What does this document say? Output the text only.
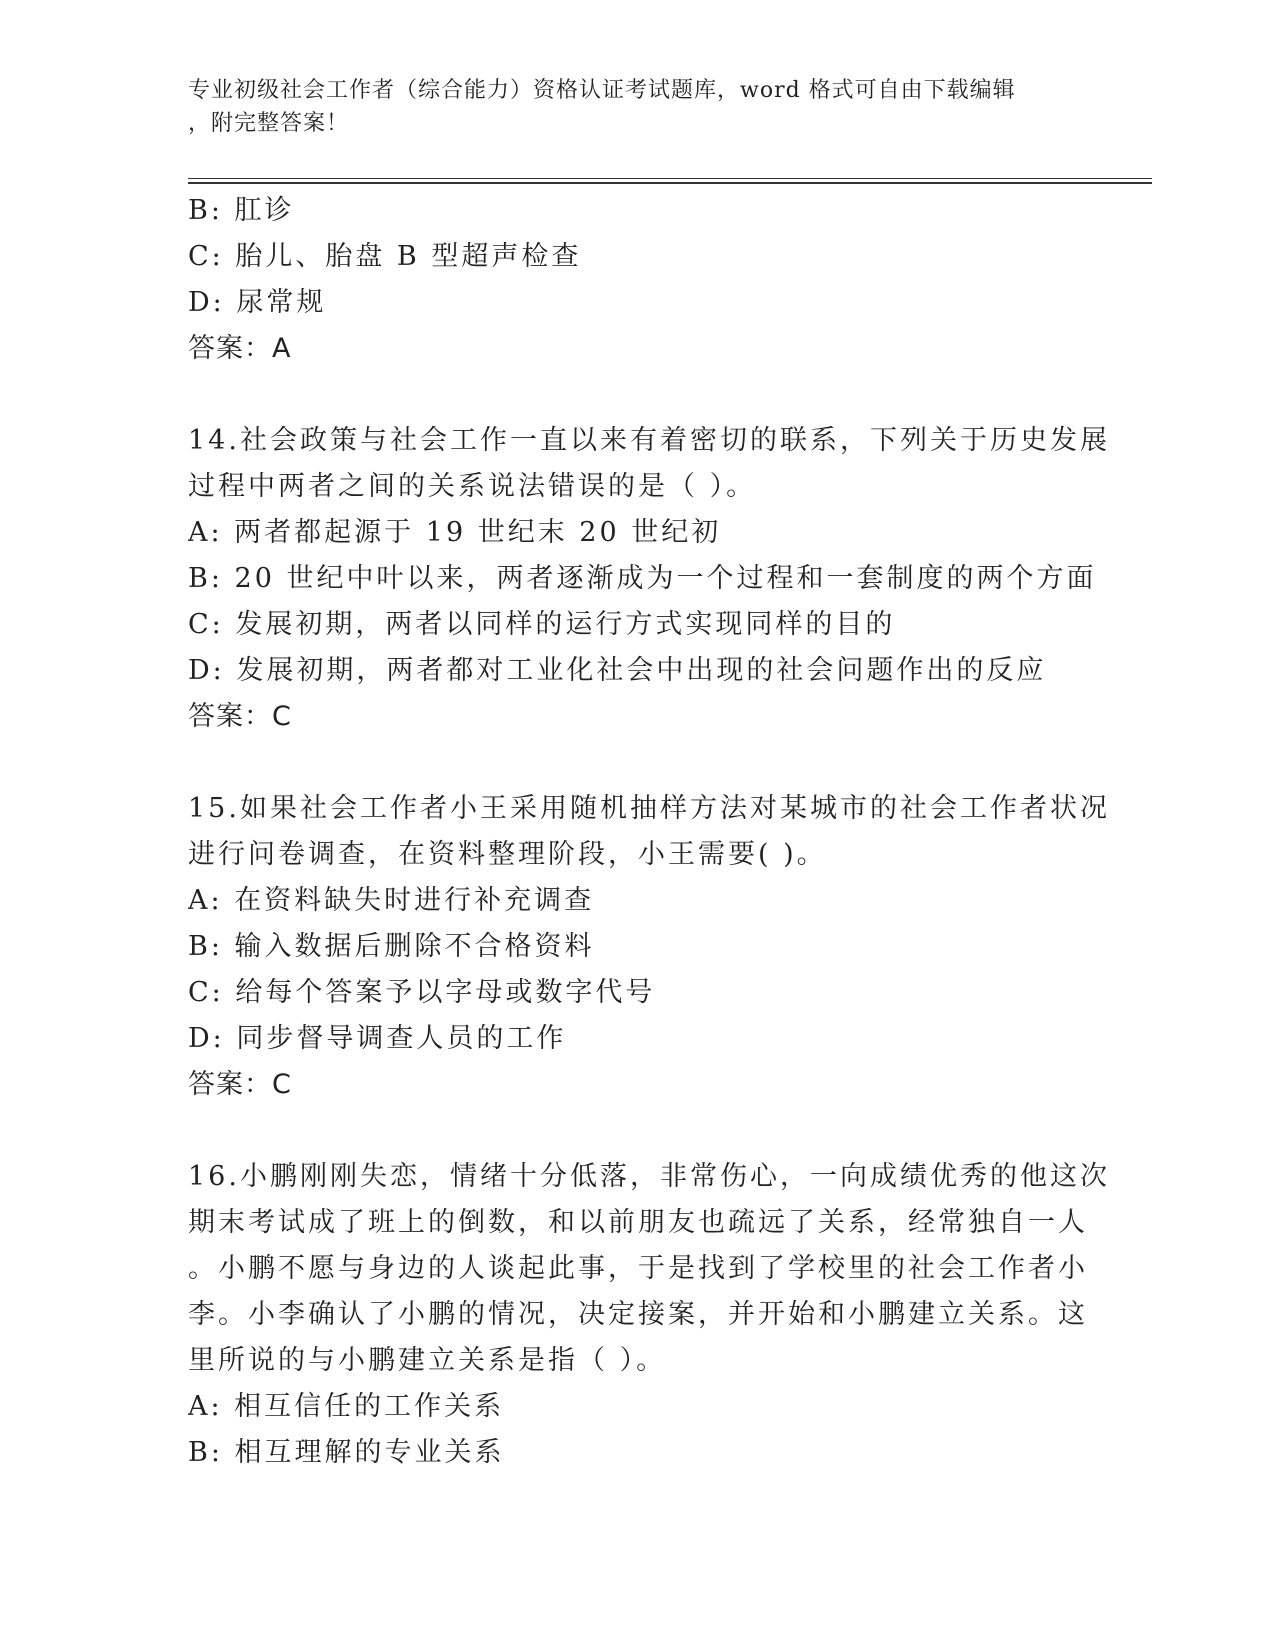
专业初级社会工作者（综合能力）资格认证考试题库，word 格式可自由下载编辑
，附完整答案！
B: 肛诊
C: 胎儿、胎盘 B 型超声检查
D: 尿常规
答案：A
14.社会政策与社会工作一直以来有着密切的联系，下列关于历史发展
过程中两者之间的关系说法错误的是（ ）。
A: 两者都起源于 19 世纪末 20 世纪初
B: 20 世纪中叶以来，两者逐渐成为一个过程和一套制度的两个方面
C: 发展初期，两者以同样的运行方式实现同样的目的
D: 发展初期，两者都对工业化社会中出现的社会问题作出的反应
答案：C
15.如果社会工作者小王采用随机抽样方法对某城市的社会工作者状况
进行问卷调查，在资料整理阶段，小王需要( )。
A: 在资料缺失时进行补充调查
B: 输入数据后删除不合格资料
C: 给每个答案予以字母或数字代号
D: 同步督导调查人员的工作
答案：C
16.小鹏刚刚失恋，情绪十分低落，非常伤心，一向成绩优秀的他这次
期末考试成了班上的倒数，和以前朋友也疏远了关系，经常独自一人
。小鹏不愿与身边的人谈起此事，于是找到了学校里的社会工作者小
李。小李确认了小鹏的情况，决定接案，并开始和小鹏建立关系。这
里所说的与小鹏建立关系是指（ ）。
A: 相互信任的工作关系
B: 相互理解的专业关系
